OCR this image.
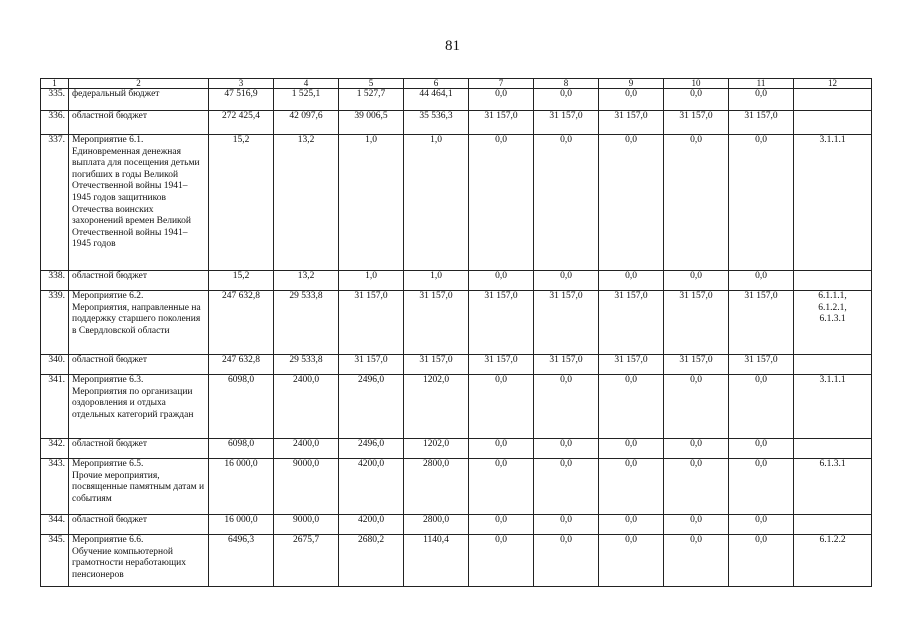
81
1	2	3	4	5	6	7	8	9	10	11	12
335.	федеральный бюджет	47 516,9	1 525,1	1 527,7	44 464,1	0,0	0,0	0,0	0,0	0,0	
336.	областной бюджет	272 425,4	42 097,6	39 006,5	35 536,3	31 157,0	31 157,0	31 157,0	31 157,0	31 157,0	
337.	Мероприятие 6.1.
Единовременная денежная выплата для посещения детьми погибших в годы Великой Отечественной войны 1941–1945 годов защитников Отечества воинских захоронений времен Великой Отечественной войны 1941–1945 годов	15,2	13,2	1,0	1,0	0,0	0,0	0,0	0,0	0,0	3.1.1.1
338.	областной бюджет	15,2	13,2	1,0	1,0	0,0	0,0	0,0	0,0	0,0	
339.	Мероприятие 6.2.
Мероприятия, направленные на поддержку старшего поколения в Свердловской области	247 632,8	29 533,8	31 157,0	31 157,0	31 157,0	31 157,0	31 157,0	31 157,0	31 157,0	6.1.1.1,
6.1.2.1,
6.1.3.1
340.	областной бюджет	247 632,8	29 533,8	31 157,0	31 157,0	31 157,0	31 157,0	31 157,0	31 157,0	31 157,0	
341.	Мероприятие 6.3.
Мероприятия по организации оздоровления и отдыха отдельных категорий граждан	6098,0	2400,0	2496,0	1202,0	0,0	0,0	0,0	0,0	0,0	3.1.1.1
342.	областной бюджет	6098,0	2400,0	2496,0	1202,0	0,0	0,0	0,0	0,0	0,0	
343.	Мероприятие 6.5.
Прочие мероприятия, посвященные памятным датам и событиям	16 000,0	9000,0	4200,0	2800,0	0,0	0,0	0,0	0,0	0,0	6.1.3.1
344.	областной бюджет	16 000,0	9000,0	4200,0	2800,0	0,0	0,0	0,0	0,0	0,0	
345.	Мероприятие 6.6.
Обучение компьютерной грамотности неработающих пенсионеров	6496,3	2675,7	2680,2	1140,4	0,0	0,0	0,0	0,0	0,0	6.1.2.2
